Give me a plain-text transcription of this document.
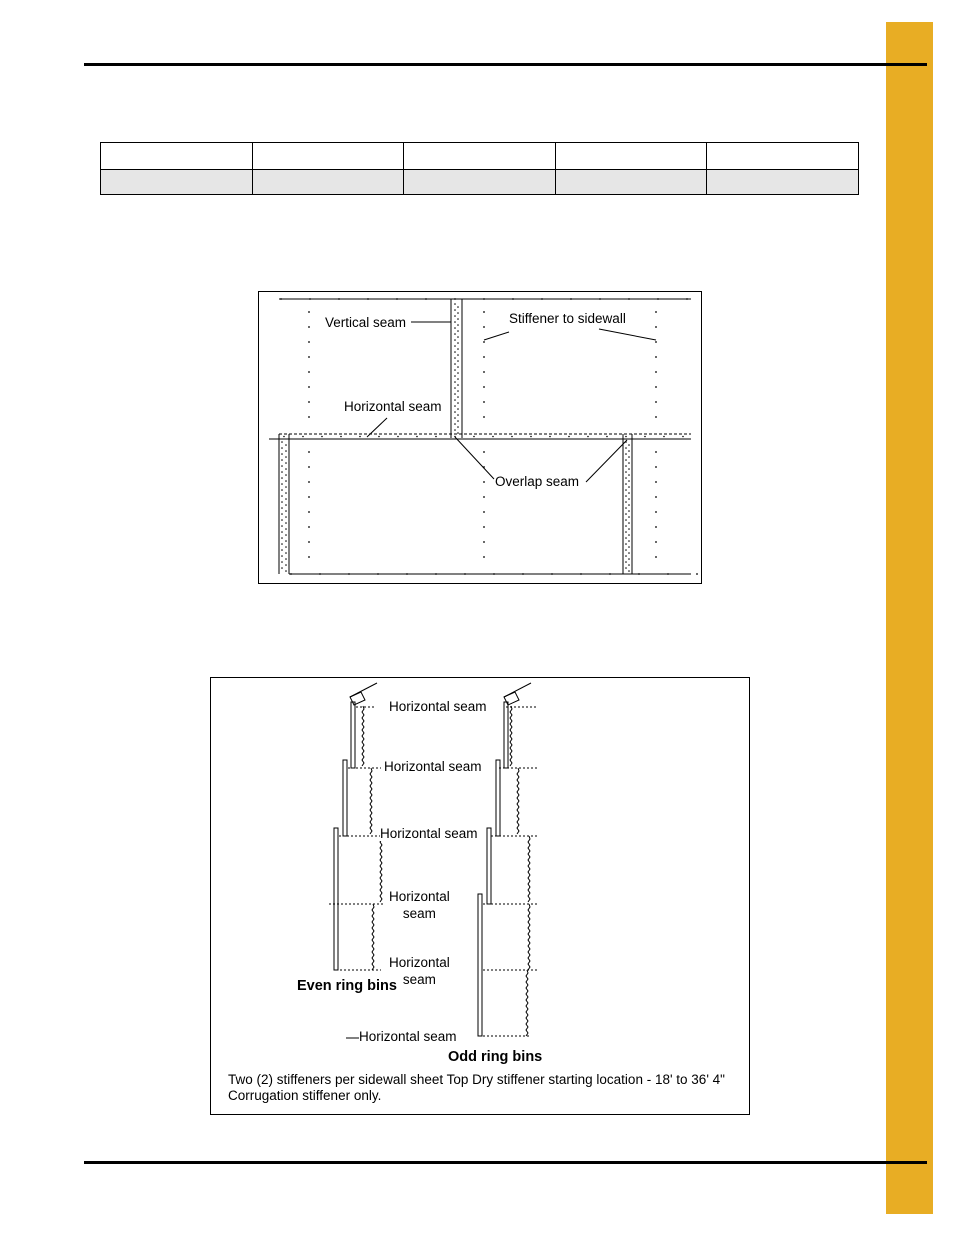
Vertical seam	Stiffener to sidewall
Horizontal seam
Overlap seam
Horizontal seam
Horizontal seam
Horizontal seam
Horizontal
seam
Horizontal
seam
Horizontal seam
Even ring bins
Odd ring bins
Two (2) stiffeners per sidewall sheet Top Dry stiffener starting location - 18' to 36' 4" Corrugation stiffener only.
